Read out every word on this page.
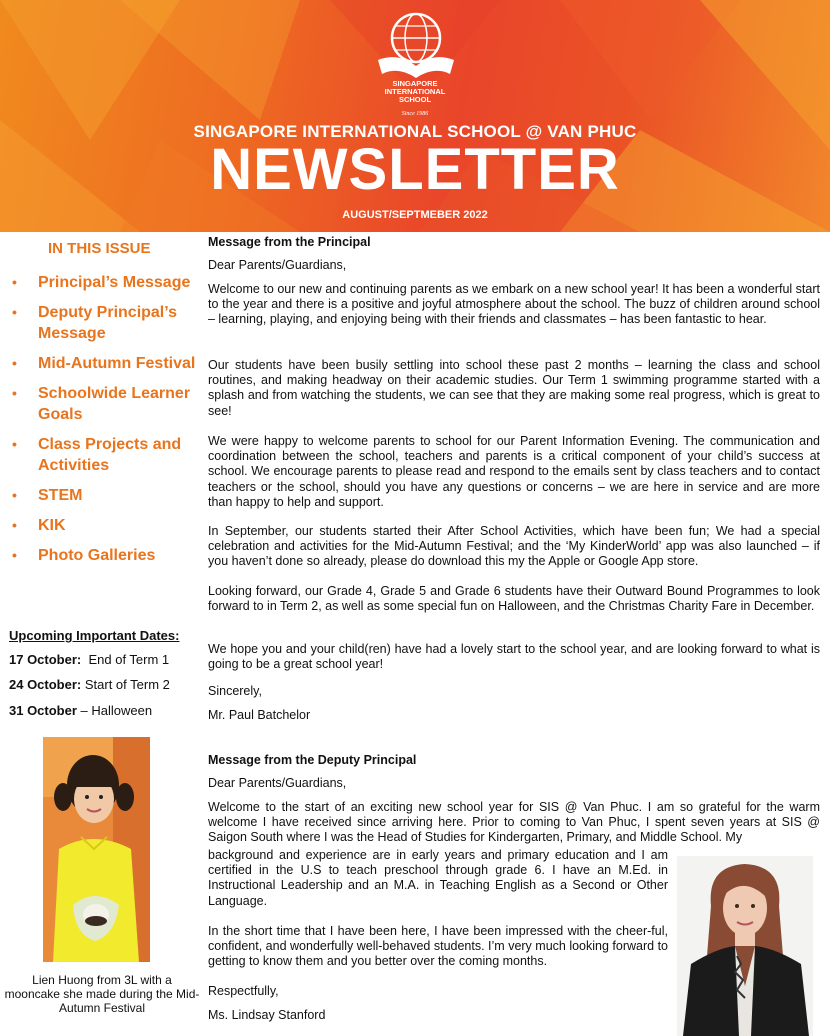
SINGAPORE
INTERNATIONAL
SCHOOL
Since 1986
SINGAPORE INTERNATIONAL SCHOOL @ VAN PHUC
NEWSLETTER
AUGUST/SEPTMEBER 2022
IN THIS ISSUE
• Principal’s Message
• Deputy Principal’s Message
• Mid-Autumn Festival
• Schoolwide Learner Goals
• Class Projects and Activities
• STEM
• KIK
• Photo Galleries
Upcoming Important Dates:
17 October:  End of Term 1
24 October: Start of Term 2
31 October – Halloween
Lien Huong from 3L with a mooncake she made during the Mid-Autumn Festival

Message from the Principal

Dear Parents/Guardians,

Welcome to our new and continuing parents as we embark on a new school year! It has been a wonderful start to the year and there is a positive and joyful atmosphere about the school. The buzz of children around school – learning, playing, and enjoying being with their friends and classmates – has been fantastic to hear.

Our students have been busily settling into school these past 2 months – learning the class and school routines, and making headway on their academic studies. Our Term 1 swimming programme started with a splash and from watching the students, we can see that they are making some real progress, which is great to see!

We were happy to welcome parents to school for our Parent Information Evening. The communication and coordination between the school, teachers and parents is a critical component of your child’s success at school. We encourage parents to please read and respond to the emails sent by class teachers and to contact teachers or the school, should you have any questions or concerns – we are here in service and are more than happy to help and support.

In September, our students started their After School Activities, which have been fun; We had a special celebration and activities for the Mid-Autumn Festival; and the ‘My KinderWorld’ app was also launched – if you haven’t done so already, please do download this my the Apple or Google App store.

Looking forward, our Grade 4, Grade 5 and Grade 6 students have their Outward Bound Programmes to look forward to in Term 2, as well as some special fun on Halloween, and the Christmas Charity Fare in December.

We hope you and your child(ren) have had a lovely start to the school year, and are looking forward to what is going to be a great school year!

Sincerely,

Mr. Paul Batchelor

Message from the Deputy Principal

Dear Parents/Guardians,

Welcome to the start of an exciting new school year for SIS @ Van Phuc. I am so grateful for the warm welcome I have received since arriving here. Prior to coming to Van Phuc, I spent seven years at SIS @ Saigon South where I was the Head of Studies for Kindergarten, Primary, and Middle School. My

background and experience are in early years and primary education and I am certified in the U.S to teach preschool through grade 6. I have an M.Ed. in Instructional Leadership and an M.A. in Teaching English as a Second or Other Language.

In the short time that I have been here, I have been impressed with the cheer-ful, confident, and wonderfully well-behaved students. I’m very much looking forward to getting to know them and you better over the coming months.

Respectfully,

Ms. Lindsay Stanford
